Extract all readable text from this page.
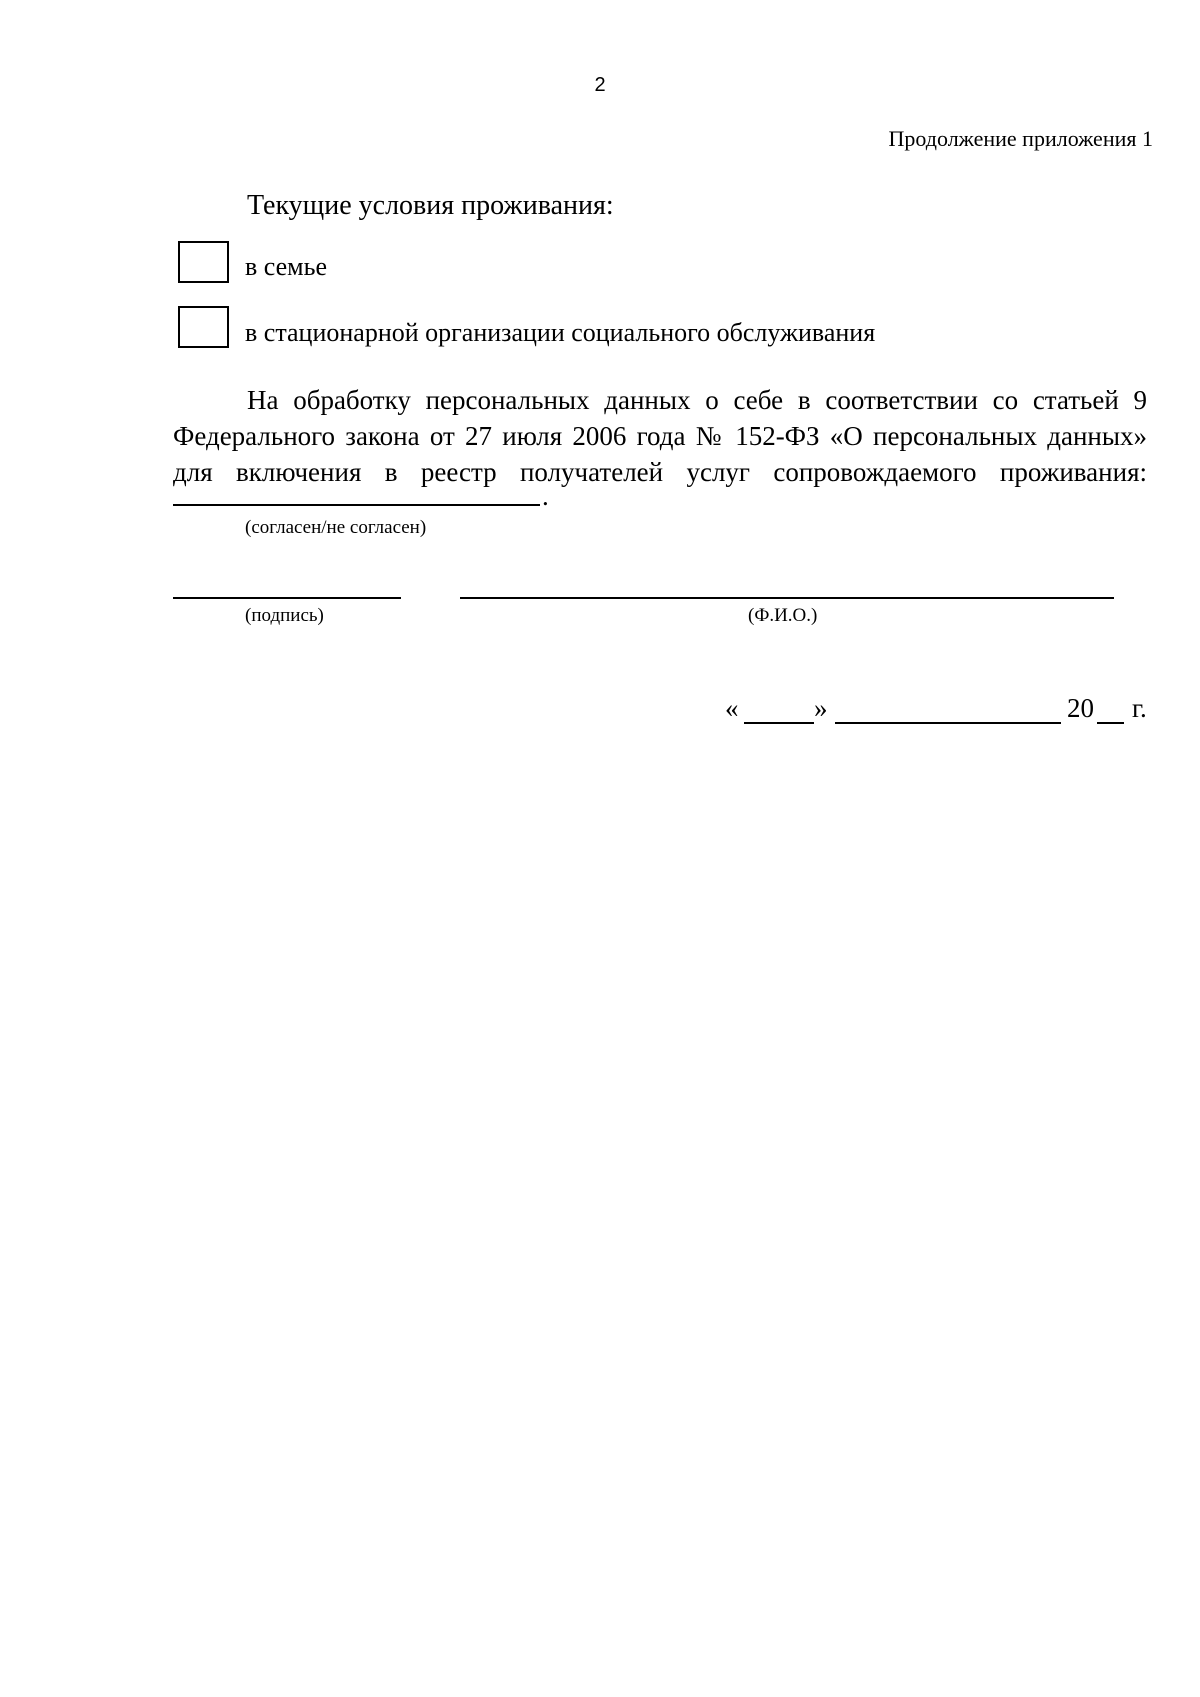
2
Продолжение приложения 1
Текущие условия проживания:
в семье
в стационарной организации социального обслуживания

На обработку персональных данных о себе в соответствии со статьей 9 Федерального закона от 27 июля 2006 года № 152-ФЗ «О персональных данных» для включения в реестр получателей услуг сопровождаемого проживания:

.
(согласен/не согласен)
(подпись)	(Ф.И.О.)
«	»	20 г.
